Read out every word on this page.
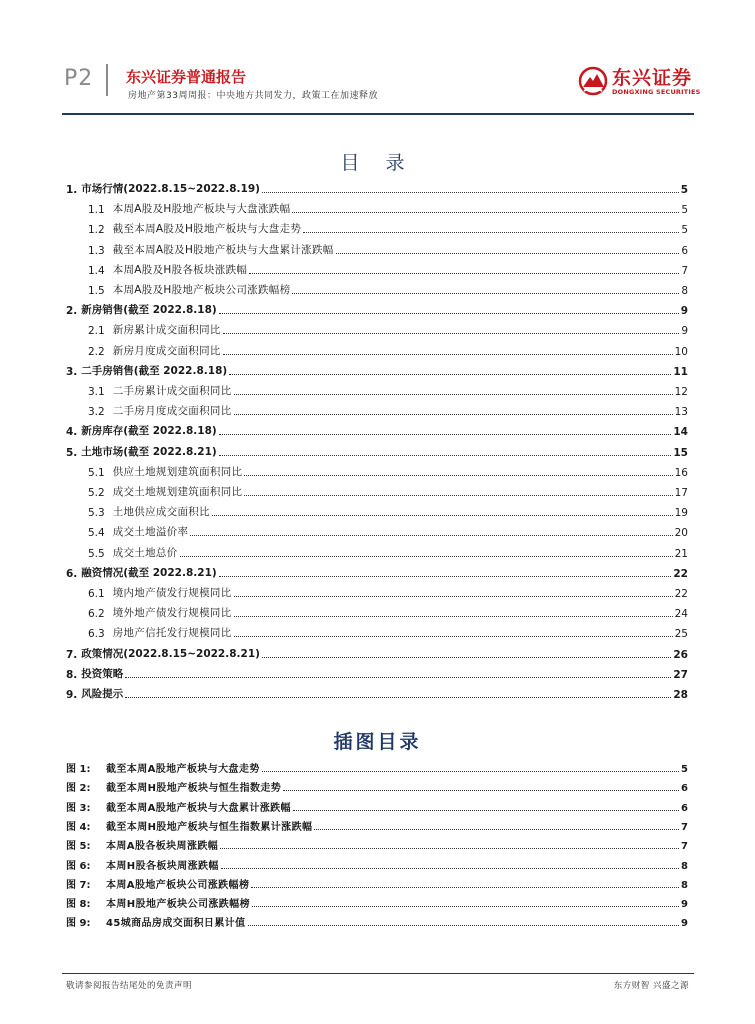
P2 东兴证券普通报告
房地产第33周周报：中央地方共同发力，政策工在加速释放
东兴证券
DONGXING SECURITIES
目 录
1. 市场行情(2022.8.15~2022.8.19)	5
1.1 本周A股及H股地产板块与大盘涨跌幅	5
1.2 截至本周A股及H股地产板块与大盘走势	5
1.3 截至本周A股及H股地产板块与大盘累计涨跌幅	6
1.4 本周A股及H股各板块涨跌幅	7
1.5 本周A股及H股地产板块公司涨跌幅榜	8
2. 新房销售(截至 2022.8.18)	9
2.1 新房累计成交面积同比	9
2.2 新房月度成交面积同比	10
3. 二手房销售(截至 2022.8.18)	11
3.1 二手房累计成交面积同比	12
3.2 二手房月度成交面积同比	13
4. 新房库存(截至 2022.8.18)	14
5. 土地市场(截至 2022.8.21)	15
5.1 供应土地规划建筑面积同比	16
5.2 成交土地规划建筑面积同比	17
5.3 土地供应成交面积比	19
5.4 成交土地溢价率	20
5.5 成交土地总价	21
6. 融资情况(截至 2022.8.21)	22
6.1 境内地产债发行规模同比	22
6.2 境外地产债发行规模同比	24
6.3 房地产信托发行规模同比	25
7. 政策情况(2022.8.15~2022.8.21)	26
8. 投资策略	27
9. 风险提示	28
插图目录
图 1:	截至本周A股地产板块与大盘走势	5
图 2:	截至本周H股地产板块与恒生指数走势	6
图 3:	截至本周A股地产板块与大盘累计涨跌幅	6
图 4:	截至本周H股地产板块与恒生指数累计涨跌幅	7
图 5:	本周A股各板块周涨跌幅	7
图 6:	本周H股各板块周涨跌幅	8
图 7:	本周A股地产板块公司涨跌幅榜	8
图 8:	本周H股地产板块公司涨跌幅榜	9
图 9:	45城商品房成交面积日累计值	9
敬请参阅报告结尾处的免责声明	东方财智 兴盛之源
